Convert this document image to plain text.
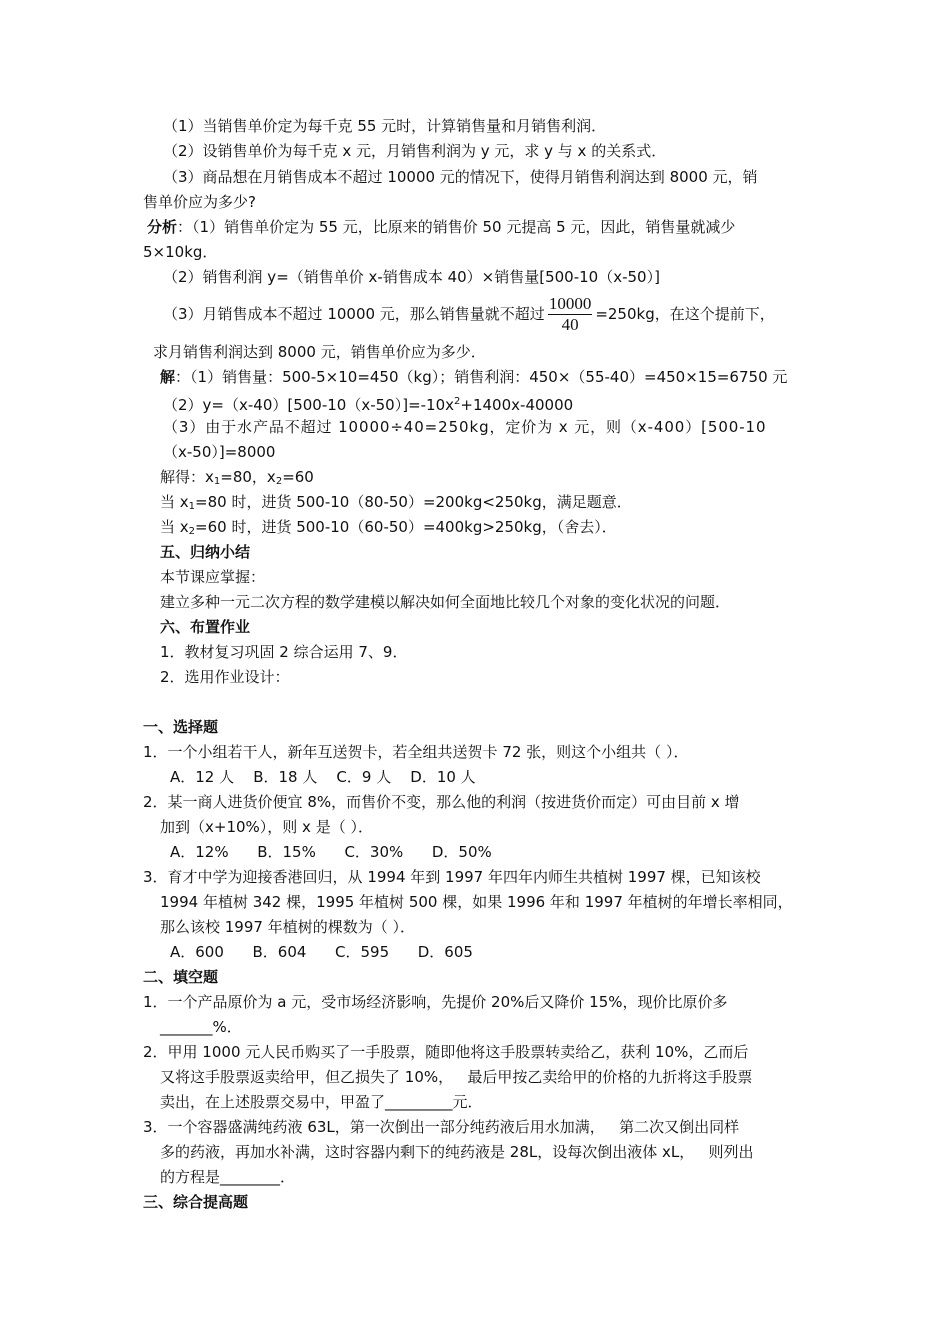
（1）当销售单价定为每千克 55 元时，计算销售量和月销售利润．
（2）设销售单价为每千克 x 元，月销售利润为 y 元，求 y 与 x 的关系式．
（3）商品想在月销售成本不超过 10000 元的情况下，使得月销售利润达到 8000 元，销
售单价应为多少?
分析：（1）销售单价定为 55 元，比原来的销售价 50 元提高 5 元，因此，销售量就减少
5×10kg．
（2）销售利润 y=（销售单价 x-销售成本 40）×销售量[500-10（x-50）]
（3）月销售成本不超过 10000 元，那么销售量就不超过 $\frac{10000}{40} =250kg$，在这个提前下，
求月销售利润达到 8000 元，销售单价应为多少．
解：（1）销售量：500-5×10=450（kg）；销售利润：450×（55-40）=450×15=6750 元
$(2)y=(x-40)[500-10(x-50)]=-10x^2+1400x-40000$
（3）由于水产品不超过 10000÷40=250kg，定价为 x 元，则（x-400）[500-10
（x-50）]=8000
解得：$x_1=80$，$x_2=60$
当 $x_1=80$ 时，进货 500-10（80-50）=200kg<250kg，满足题意．
当 $x_2=60$ 时，进货 500-10（60-50）=400kg>250kg，（舍去）．
五、归纳小结
本节课应掌握：
建立多种一元二次方程的数学建模以解决如何全面地比较几个对象的变化状况的问题．
六、布置作业
1．教材复习巩固 2 综合运用 7、9．
2．选用作业设计：
一、选择题
1．一个小组若干人，新年互送贺卡，若全组共送贺卡 72 张，则这个小组共（ ）．
A．12 人    B．18 人    C．9 人    D．10 人
2．某一商人进货价便宜 8%，而售价不变，那么他的利润（按进货价而定）可由目前 x 增
加到（x+10%），则 x 是（ ）．
A．12%      B．15%      C．30%      D．50%
3．育才中学为迎接香港回归，从 1994 年到 1997 年四年内师生共植树 1997 棵，已知该校
1994 年植树 342 棵，1995 年植树 500 棵，如果 1996 年和 1997 年植树的年增长率相同，
那么该校 1997 年植树的棵数为（ ）．
A．600      B．604      C．595      D．605
二、填空题
1．一个产品原价为 a 元，受市场经济影响，先提价 20%后又降价 15%，现价比原价多
_______%．
2．甲用 1000 元人民币购买了一手股票，随即他将这手股票转卖给乙，获利 10%，乙而后
又将这手股票返卖给甲，但乙损失了 10%，   最后甲按乙卖给甲的价格的九折将这手股票
卖出，在上述股票交易中，甲盈了_________元．
3．一个容器盛满纯药液 63L，第一次倒出一部分纯药液后用水加满，   第二次又倒出同样
多的药液，再加水补满，这时容器内剩下的纯药液是 28L，设每次倒出液体 xL，   则列出
的方程是________．
三、综合提高题
